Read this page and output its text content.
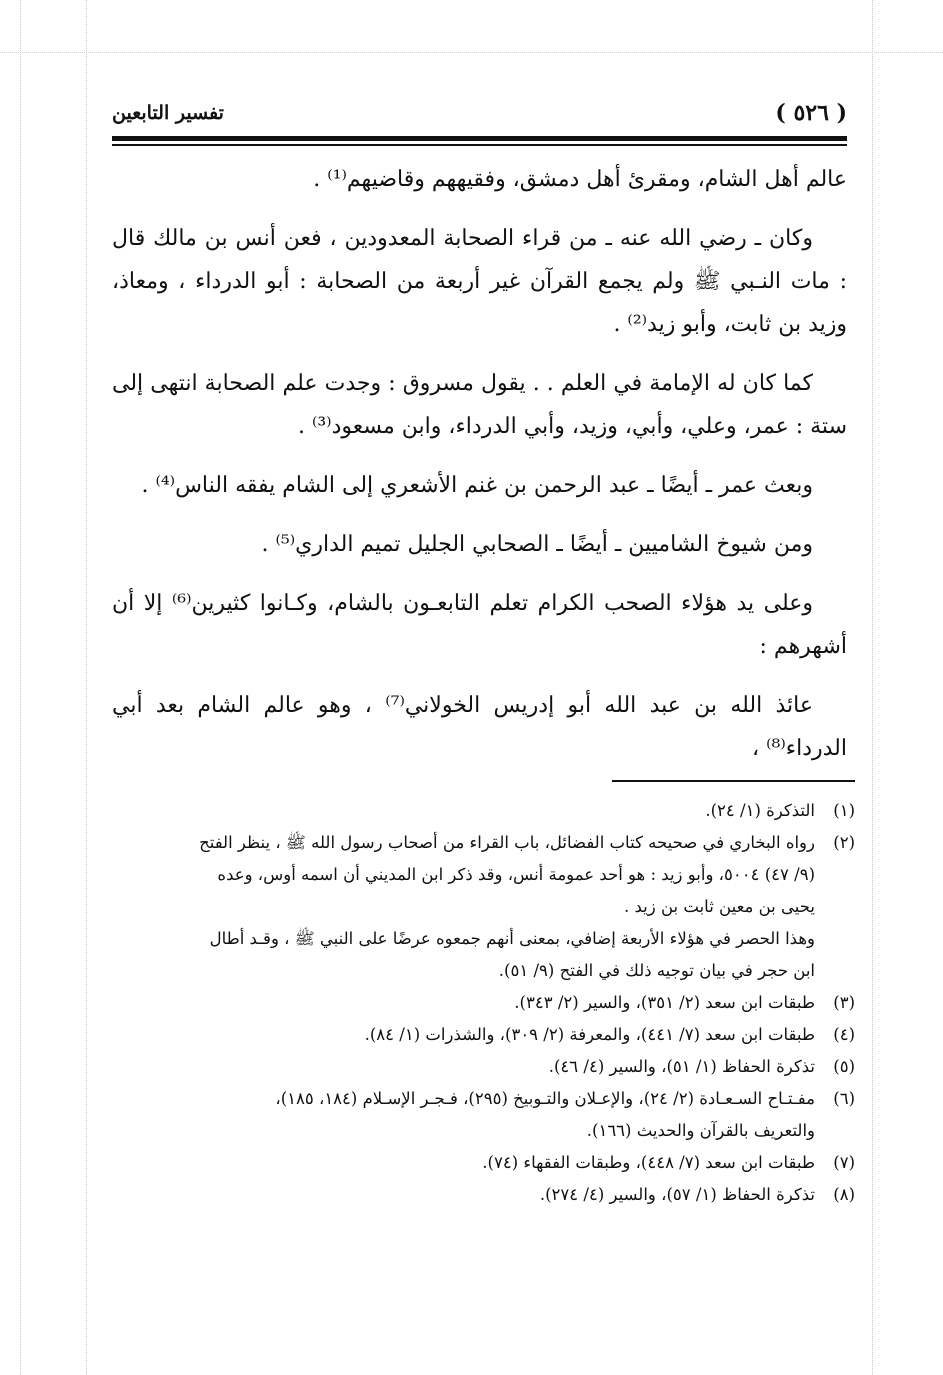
( ٥٢٦ )
تفسير التابعين

عالم أهل الشام، ومقرئ أهل دمشق، وفقيههم وقاضيهم⁽¹⁾ .

وكان ـ رضي الله عنه ـ من قراء الصحابة المعدودين ، فعن أنس بن مالك قال : مات النـبي ﷺ ولم يجمع القرآن غير أربعة من الصحابة : أبو الدرداء ، ومعاذ، وزيد بن ثابت، وأبو زيد⁽²⁾ .

كما كان له الإمامة في العلم . . يقول مسروق : وجدت علم الصحابة انتهى إلى ستة : عمر، وعلي، وأبي، وزيد، وأبي الدرداء، وابن مسعود⁽³⁾ .

وبعث عمر ـ أيضًا ـ عبد الرحمن بن غنم الأشعري إلى الشام يفقه الناس⁽⁴⁾ .

ومن شيوخ الشاميين ـ أيضًا ـ الصحابي الجليل تميم الداري⁽⁵⁾ .

وعلى يد هؤلاء الصحب الكرام تعلم التابعـون بالشام، وكـانوا كثيرين⁽⁶⁾ إلا أن أشهرهم :

عائذ الله بن عبد الله أبو إدريس الخولاني⁽⁷⁾ ، وهو عالم الشام بعد أبي الدرداء⁽⁸⁾ ،

(١)
التذكرة (١/ ٢٤).
(٢)
رواه البخاري في صحيحه كتاب الفضائل، باب القراء من أصحاب رسول الله ﷺ ، ينظر الفتح
(٩/ ٤٧) ٥٠٠٤، وأبو زيد : هو أحد عمومة أنس، وقد ذكر ابن المديني أن اسمه أوس، وعده
يحيى بن معين ثابت بن زيد .
وهذا الحصر في هؤلاء الأربعة إضافي، بمعنى أنهم جمعوه عرضًا على النبي ﷺ ، وقـد أطال
ابن حجر في بيان توجيه ذلك في الفتح (٩/ ٥١).
(٣)
طبقات ابن سعد (٢/ ٣٥١)، والسير (٢/ ٣٤٣).
(٤)
طبقات ابن سعد (٧/ ٤٤١)، والمعرفة (٢/ ٣٠٩)، والشذرات (١/ ٨٤).
(٥)
تذكرة الحفاظ (١/ ٥١)، والسير (٤/ ٤٦).
(٦)
مفـتـاح السـعـادة (٢/ ٢٤)، والإعـلان والتـوبيخ (٢٩٥)، فـجـر الإسـلام (١٨٤، ١٨٥)،
والتعريف بالقرآن والحديث (١٦٦).
(٧)
طبقات ابن سعد (٧/ ٤٤٨)، وطبقات الفقهاء (٧٤).
(٨)
تذكرة الحفاظ (١/ ٥٧)، والسير (٤/ ٢٧٤).
